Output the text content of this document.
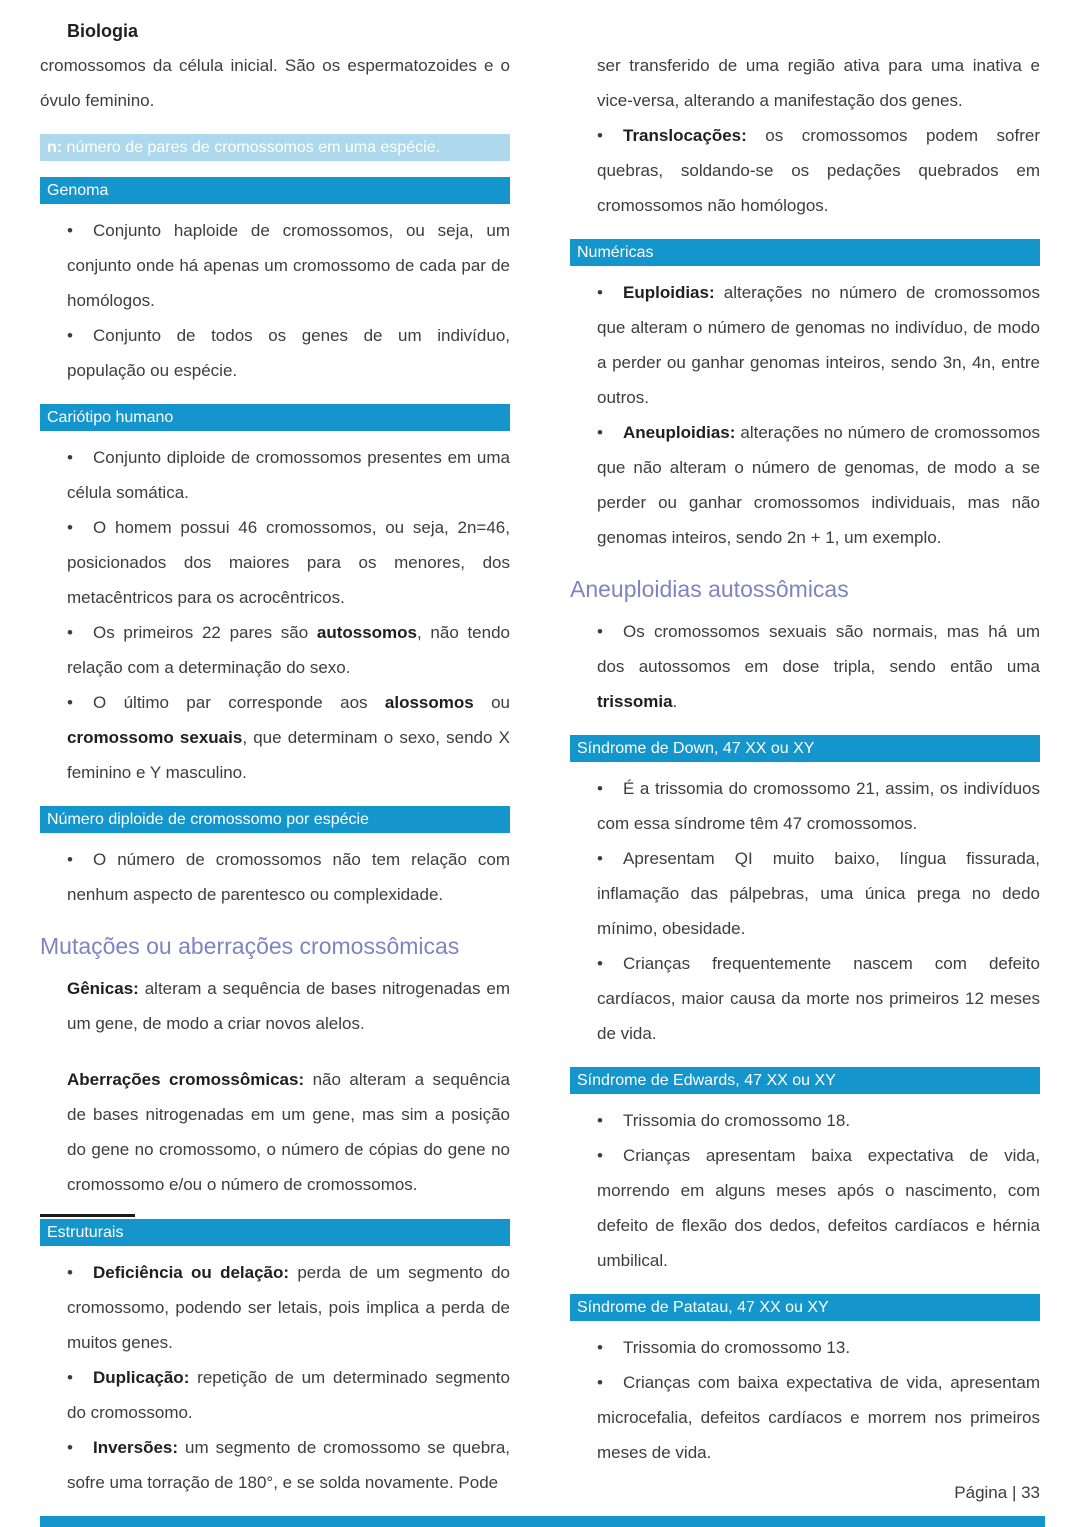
Biologia
cromossomos da célula inicial. São os espermatozoides e o óvulo feminino.
n: número de pares de cromossomos em uma espécie.
Genoma
• Conjunto haploide de cromossomos, ou seja, um conjunto onde há apenas um cromossomo de cada par de homólogos.
• Conjunto de todos os genes de um indivíduo, população ou espécie.
Cariótipo humano
• Conjunto diploide de cromossomos presentes em uma célula somática.
• O homem possui 46 cromossomos, ou seja, 2n=46, posicionados dos maiores para os menores, dos metacêntricos para os acrocêntricos.
• Os primeiros 22 pares são autossomos, não tendo relação com a determinação do sexo.
• O último par corresponde aos alossomos ou cromossomo sexuais, que determinam o sexo, sendo X feminino e Y masculino.
Número diploide de cromossomo por espécie
• O número de cromossomos não tem relação com nenhum aspecto de parentesco ou complexidade.
Mutações ou aberrações cromossômicas
Gênicas: alteram a sequência de bases nitrogenadas em um gene, de modo a criar novos alelos.
Aberrações cromossômicas: não alteram a sequência de bases nitrogenadas em um gene, mas sim a posição do gene no cromossomo, o número de cópias do gene no cromossomo e/ou o número de cromossomos.
Estruturais
• Deficiência ou delação: perda de um segmento do cromossomo, podendo ser letais, pois implica a perda de muitos genes.
• Duplicação: repetição de um determinado segmento do cromossomo.
• Inversões: um segmento de cromossomo se quebra, sofre uma torração de 180°, e se solda novamente. Pode
ser transferido de uma região ativa para uma inativa e vice-versa, alterando a manifestação dos genes.
• Translocações: os cromossomos podem sofrer quebras, soldando-se os pedações quebrados em cromossomos não homólogos.
Numéricas
• Euploidias: alterações no número de cromossomos que alteram o número de genomas no indivíduo, de modo a perder ou ganhar genomas inteiros, sendo 3n, 4n, entre outros.
• Aneuploidias: alterações no número de cromossomos que não alteram o número de genomas, de modo a se perder ou ganhar cromossomos individuais, mas não genomas inteiros, sendo 2n + 1, um exemplo.
Aneuploidias autossômicas
• Os cromossomos sexuais são normais, mas há um dos autossomos em dose tripla, sendo então uma trissomia.
Síndrome de Down, 47 XX ou XY
• É a trissomia do cromossomo 21, assim, os indivíduos com essa síndrome têm 47 cromossomos.
• Apresentam QI muito baixo, língua fissurada, inflamação das pálpebras, uma única prega no dedo mínimo, obesidade.
• Crianças frequentemente nascem com defeito cardíacos, maior causa da morte nos primeiros 12 meses de vida.
Síndrome de Edwards, 47 XX ou XY
• Trissomia do cromossomo 18.
• Crianças apresentam baixa expectativa de vida, morrendo em alguns meses após o nascimento, com defeito de flexão dos dedos, defeitos cardíacos e hérnia umbilical.
Síndrome de Patatau, 47 XX ou XY
• Trissomia do cromossomo 13.
• Crianças com baixa expectativa de vida, apresentam microcefalia, defeitos cardíacos e morrem nos primeiros meses de vida.
Página | 33
